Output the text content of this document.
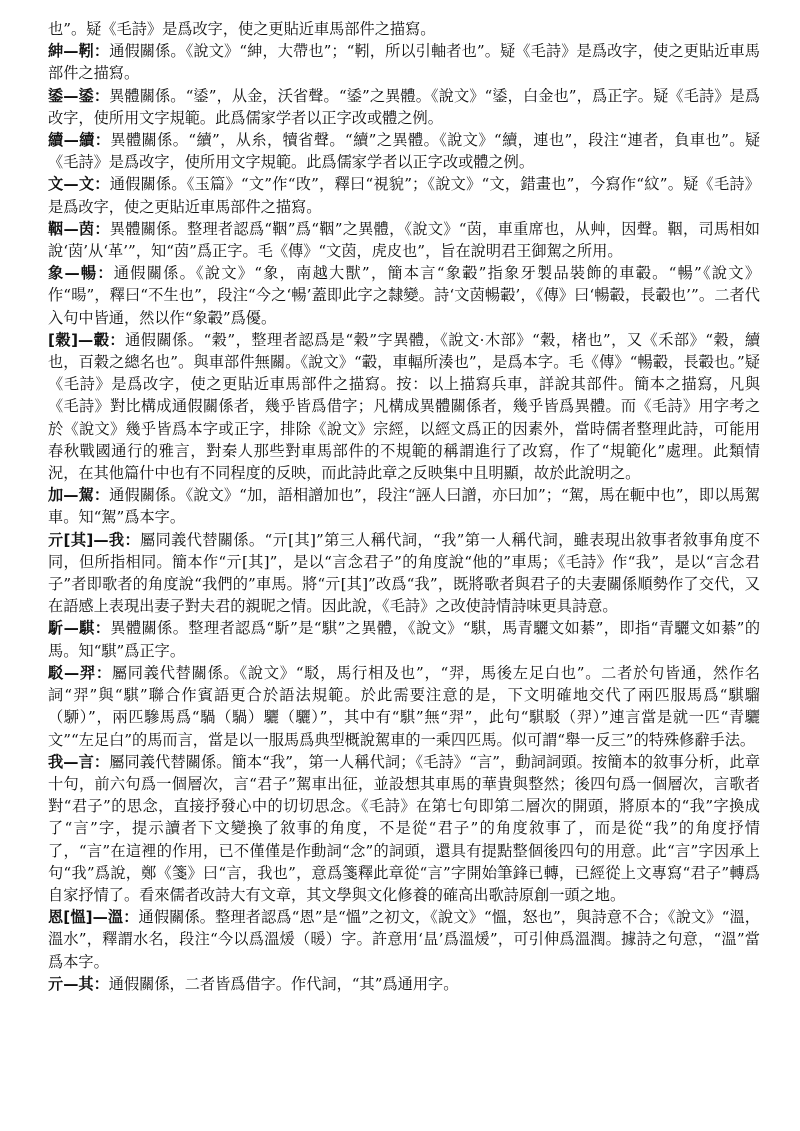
也”。疑《毛詩》是爲改字，使之更貼近車馬部件之描寫。

紳—靷：通假關係。《說文》“紳，大帶也”；“靷，所以引軸者也”。疑《毛詩》是爲改字，使之更貼近車馬部件之描寫。

鋈—鋈：異體關係。“鋈”，从金，沃省聲。“鋈”之異體。《說文》“鋈，白金也”，爲正字。疑《毛詩》是爲改字，使所用文字規範。此爲儒家学者以正字改或體之例。

續—續：異體關係。“續”，从糸，犢省聲。“續”之異體。《說文》“續，連也”，段注“連者，負車也”。疑《毛詩》是爲改字，使所用文字規範。此爲儒家学者以正字改或體之例。

文—文：通假關係。《玉篇》“文”作“攺”，釋曰“視貌”；《說文》“文，錯畫也”，今寫作“紋”。疑《毛詩》是爲改字，使之更貼近車馬部件之描寫。

鞇—茵：異體關係。整理者認爲“鞇”爲“鞇”之異體，《說文》“茵，車重席也，从艸，因聲。鞇，司馬相如說‘茵’从‘革’”，知“茵”爲正字。毛《傳》“文茵，虎皮也”，旨在說明君王御駕之所用。

象—暢：通假關係。《說文》“象，南越大獸”，簡本言“象轂”指象牙製品裝飾的車轂。“暢”《說文》作“暘”，釋曰“不生也”，段注“今之‘暢’蓋即此字之隸變。詩‘文茵暢轂’，《傳》曰‘暢轂，長轂也’”。二者代入句中皆通，然以作“象轂”爲優。

[穀]—轂：通假關係。“穀”，整理者認爲是“穀”字異體，《說文·木部》“穀，楮也”，又《禾部》“穀，續也，百穀之總名也”。與車部件無關。《說文》“轂，車輻所湊也”，是爲本字。毛《傳》“暢轂，長轂也。”疑《毛詩》是爲改字，使之更貼近車馬部件之描寫。按：以上描寫兵車，詳說其部件。簡本之描寫，凡與《毛詩》對比構成通假關係者，幾乎皆爲借字；凡構成異體關係者，幾乎皆爲異體。而《毛詩》用字考之於《說文》幾乎皆爲本字或正字，排除《說文》宗經，以經文爲正的因素外，當時儒者整理此詩，可能用春秋戰國通行的雅言，對秦人那些對車馬部件的不規範的稱謂進行了改寫，作了“規範化”處理。此類情況，在其他篇什中也有不同程度的反映，而此詩此章之反映集中且明顯，故於此說明之。

加—駕：通假關係。《說文》“加，語相譄加也”，段注“誣人曰譄，亦曰加”；“駕，馬在軛中也”，即以馬駕車。知“駕”爲本字。

亓[其]—我：屬同義代替關係。“亓[其]”第三人稱代詞，“我”第一人稱代詞，雖表現出敘事者敘事角度不同，但所指相同。簡本作“亓[其]”，是以“言念君子”的角度說“他的”車馬；《毛詩》作“我”，是以“言念君子”者即歌者的角度說“我們的”車馬。將“亓[其]”改爲“我”，既將歌者與君子的夫妻關係順勢作了交代，又在語感上表現出妻子對夫君的親昵之情。因此說，《毛詩》之改使詩情詩味更具詩意。

馸—騏：異體關係。整理者認爲“馸”是“騏”之異體，《說文》“騏，馬青驪文如綦”，即指“青驪文如綦”的馬。知“騏”爲正字。

駁—羿：屬同義代替關係。《說文》“駁，馬行相及也”，“羿，馬後左足白也”。二者於句皆通，然作名詞“羿”與“騏”聯合作賓語更合於語法規範。於此需要注意的是，下文明確地交代了兩匹服馬爲“騏騮（駵）”，兩匹驂馬爲“騧（騧）驪（驪）”，其中有“騏”無“羿”，此句“騏駁（羿）”連言當是就一匹“青驪文”“左足白”的馬而言，當是以一服馬爲典型概說駕車的一乘四匹馬。似可謂“舉一反三”的特殊修辭手法。

我—言：屬同義代替關係。簡本“我”，第一人稱代詞；《毛詩》“言”，動詞詞頭。按簡本的敘事分析，此章十句，前六句爲一個層次，言“君子”駕車出征，並設想其車馬的華貴與整然；後四句爲一個層次，言歌者對“君子”的思念，直接抒發心中的切切思念。《毛詩》在第七句即第二層次的開頭，將原本的“我”字換成了“言”字，提示讀者下文變換了敘事的角度，不是從“君子”的角度敘事了，而是從“我”的角度抒情了，“言”在這裡的作用，已不僅僅是作動詞“念”的詞頭，還具有提點整個後四句的用意。此“言”字因承上句“我”爲說，鄭《箋》曰“言，我也”，意爲箋釋此章從“言”字開始筆鋒已轉，已經從上文專寫“君子”轉爲自家抒情了。看來儒者改詩大有文章，其文學與文化修養的確高出歌詩原創一頭之地。

恩[慍]—溫：通假關係。整理者認爲“恩”是“慍”之初文，《說文》“慍，怒也”，與詩意不合；《說文》“溫，溫水”，釋謂水名，段注“今以爲溫煖（暖）字。許意用‘昷’爲溫煖”，可引伸爲溫潤。據詩之句意，“溫”當爲本字。

亓—其：通假關係，二者皆爲借字。作代詞，“其”爲通用字。
